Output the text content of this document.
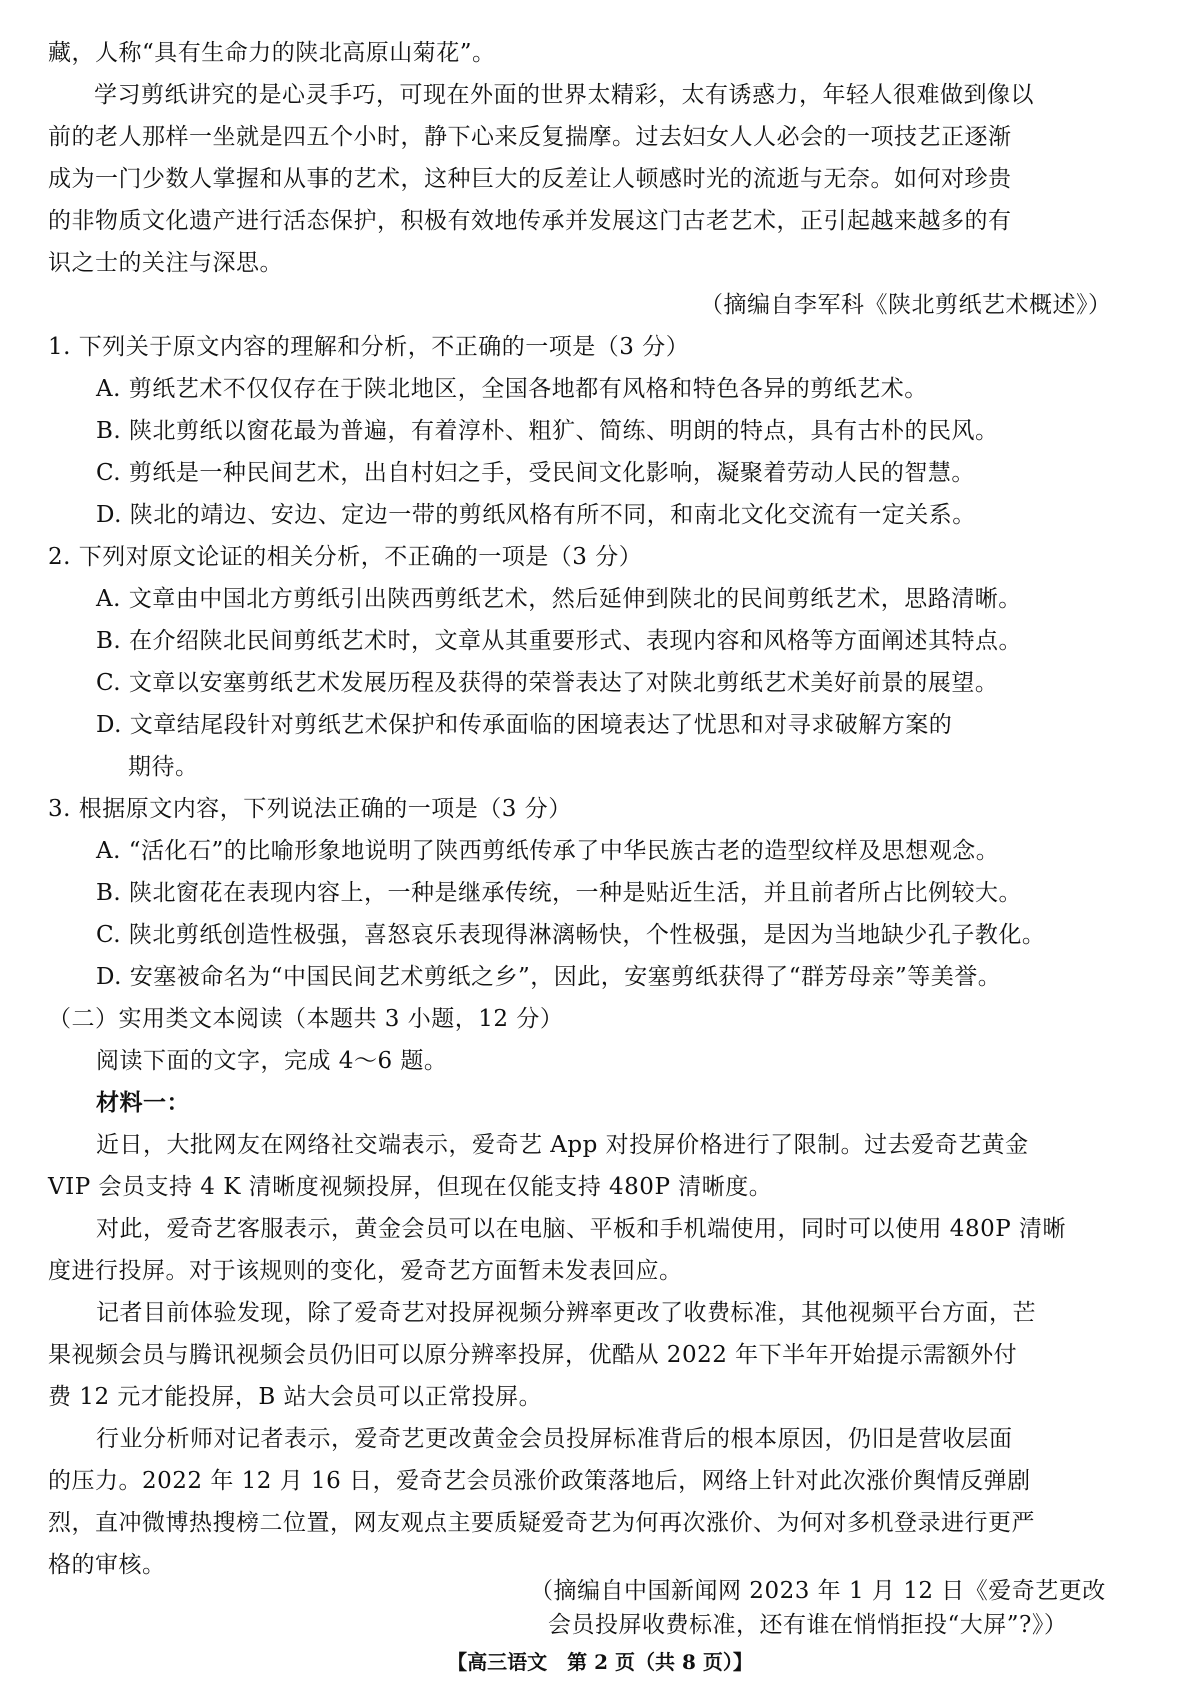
藏，人称“具有生命力的陕北高原山菊花”。
学习剪纸讲究的是心灵手巧，可现在外面的世界太精彩，太有诱惑力，年轻人很难做到像以
前的老人那样一坐就是四五个小时，静下心来反复揣摩。过去妇女人人必会的一项技艺正逐渐
成为一门少数人掌握和从事的艺术，这种巨大的反差让人顿感时光的流逝与无奈。如何对珍贵
的非物质文化遗产进行活态保护，积极有效地传承并发展这门古老艺术，正引起越来越多的有
识之士的关注与深思。
（摘编自李军科《陕北剪纸艺术概述》）
1. 下列关于原文内容的理解和分析，不正确的一项是（3 分）
A. 剪纸艺术不仅仅存在于陕北地区，全国各地都有风格和特色各异的剪纸艺术。
B. 陕北剪纸以窗花最为普遍，有着淳朴、粗犷、简练、明朗的特点，具有古朴的民风。
C. 剪纸是一种民间艺术，出自村妇之手，受民间文化影响，凝聚着劳动人民的智慧。
D. 陕北的靖边、安边、定边一带的剪纸风格有所不同，和南北文化交流有一定关系。
2. 下列对原文论证的相关分析，不正确的一项是（3 分）
A. 文章由中国北方剪纸引出陕西剪纸艺术，然后延伸到陕北的民间剪纸艺术，思路清晰。
B. 在介绍陕北民间剪纸艺术时，文章从其重要形式、表现内容和风格等方面阐述其特点。
C. 文章以安塞剪纸艺术发展历程及获得的荣誉表达了对陕北剪纸艺术美好前景的展望。
D. 文章结尾段针对剪纸艺术保护和传承面临的困境表达了忧思和对寻求破解方案的
期待。
3. 根据原文内容，下列说法正确的一项是（3 分）
A. “活化石”的比喻形象地说明了陕西剪纸传承了中华民族古老的造型纹样及思想观念。
B. 陕北窗花在表现内容上，一种是继承传统，一种是贴近生活，并且前者所占比例较大。
C. 陕北剪纸创造性极强，喜怒哀乐表现得淋漓畅快，个性极强，是因为当地缺少孔子教化。
D. 安塞被命名为“中国民间艺术剪纸之乡”，因此，安塞剪纸获得了“群芳母亲”等美誉。
（二）实用类文本阅读（本题共 3 小题，12 分）
阅读下面的文字，完成 4～6 题。
材料一：
近日，大批网友在网络社交端表示，爱奇艺 App 对投屏价格进行了限制。过去爱奇艺黄金
VIP 会员支持 4 K 清晰度视频投屏，但现在仅能支持 480P 清晰度。
对此，爱奇艺客服表示，黄金会员可以在电脑、平板和手机端使用，同时可以使用 480P 清晰
度进行投屏。对于该规则的变化，爱奇艺方面暂未发表回应。
记者目前体验发现，除了爱奇艺对投屏视频分辨率更改了收费标准，其他视频平台方面，芒
果视频会员与腾讯视频会员仍旧可以原分辨率投屏，优酷从 2022 年下半年开始提示需额外付
费 12 元才能投屏，B 站大会员可以正常投屏。
行业分析师对记者表示，爱奇艺更改黄金会员投屏标准背后的根本原因，仍旧是营收层面
的压力。2022 年 12 月 16 日，爱奇艺会员涨价政策落地后，网络上针对此次涨价舆情反弹剧
烈，直冲微博热搜榜二位置，网友观点主要质疑爱奇艺为何再次涨价、为何对多机登录进行更严
格的审核。
（摘编自中国新闻网 2023 年 1 月 12 日《爱奇艺更改
会员投屏收费标准，还有谁在悄悄拒投“大屏”?》）
【高三语文　第 2 页（共 8 页）】
